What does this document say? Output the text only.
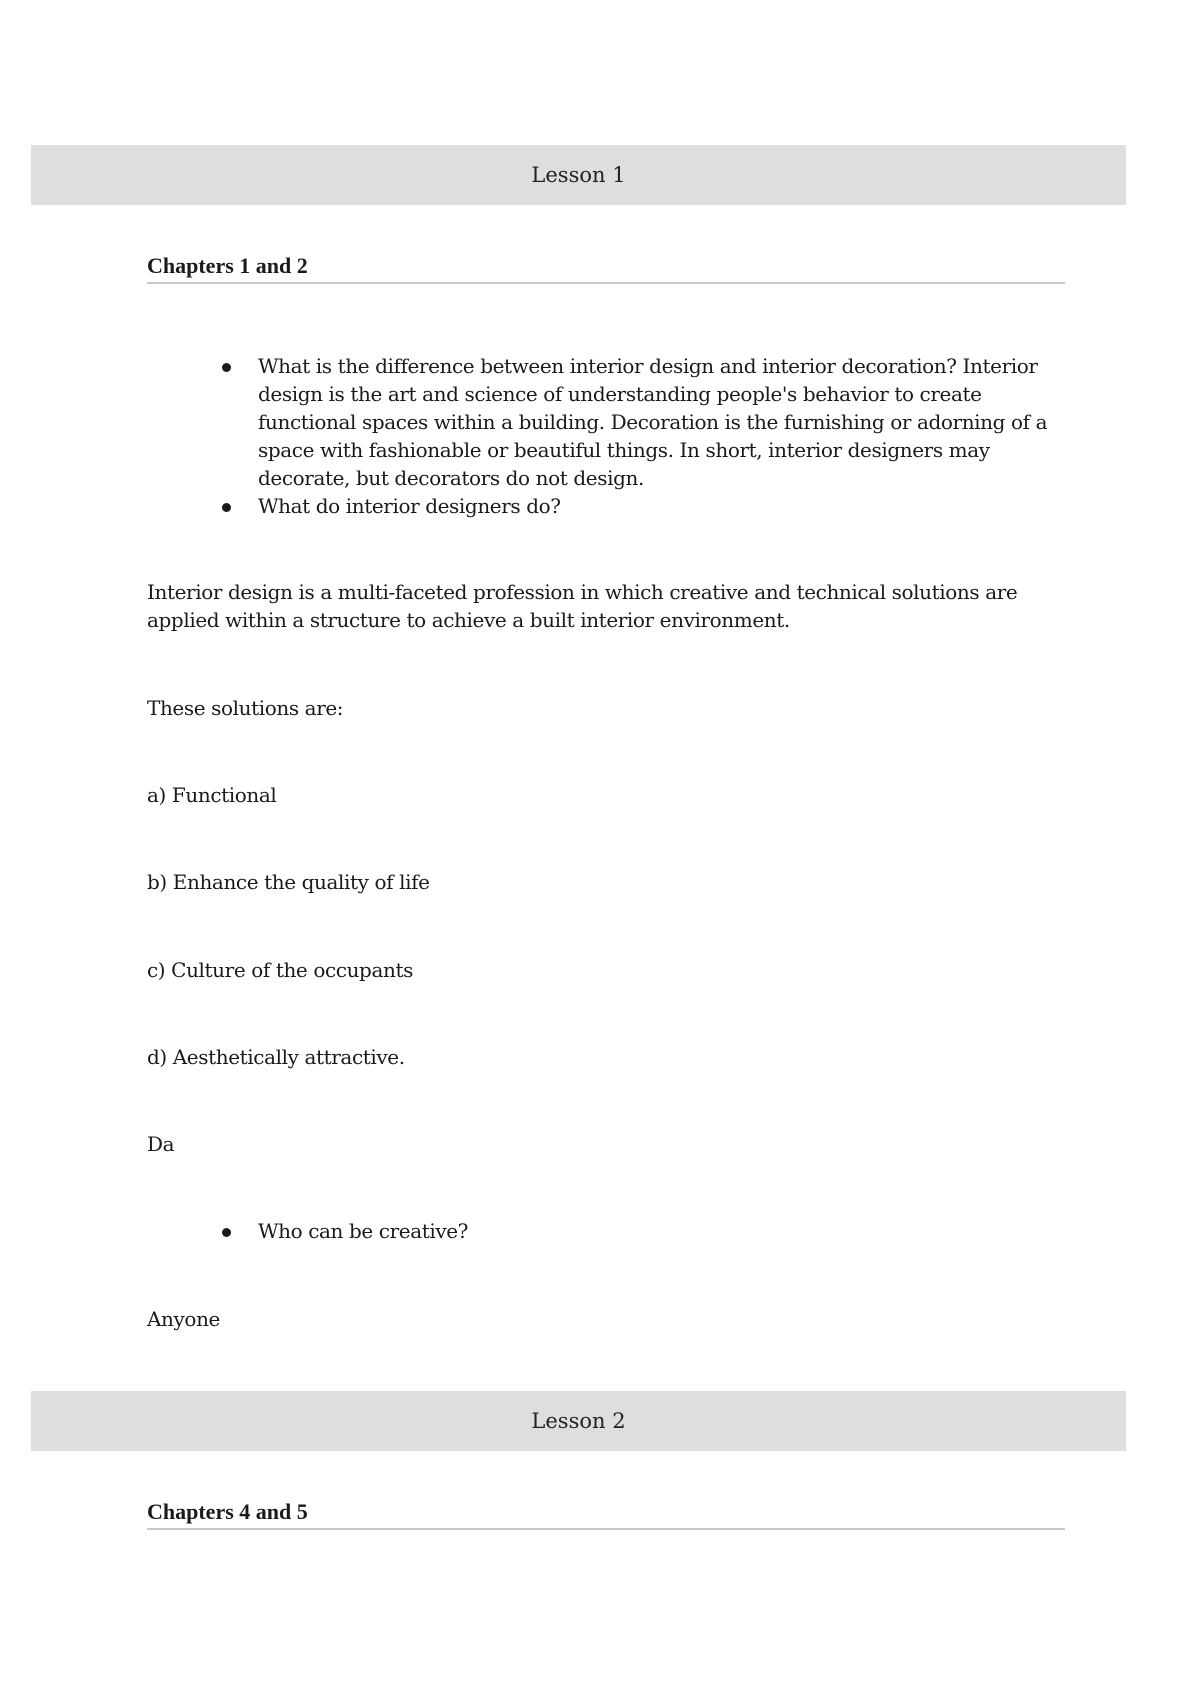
Lesson 1
Chapters 1 and 2
What is the difference between interior design and interior decoration? Interior design is the art and science of understanding people's behavior to create functional spaces within a building. Decoration is the furnishing or adorning of a space with fashionable or beautiful things. In short, interior designers may decorate, but decorators do not design.
What do interior designers do?

Interior design is a multi-faceted profession in which creative and technical solutions are applied within a structure to achieve a built interior environment.

These solutions are:

a) Functional

b) Enhance the quality of life

c) Culture of the occupants

d) Aesthetically attractive.

Da

Who can be creative?

Anyone

Lesson 2
Chapters 4 and 5
